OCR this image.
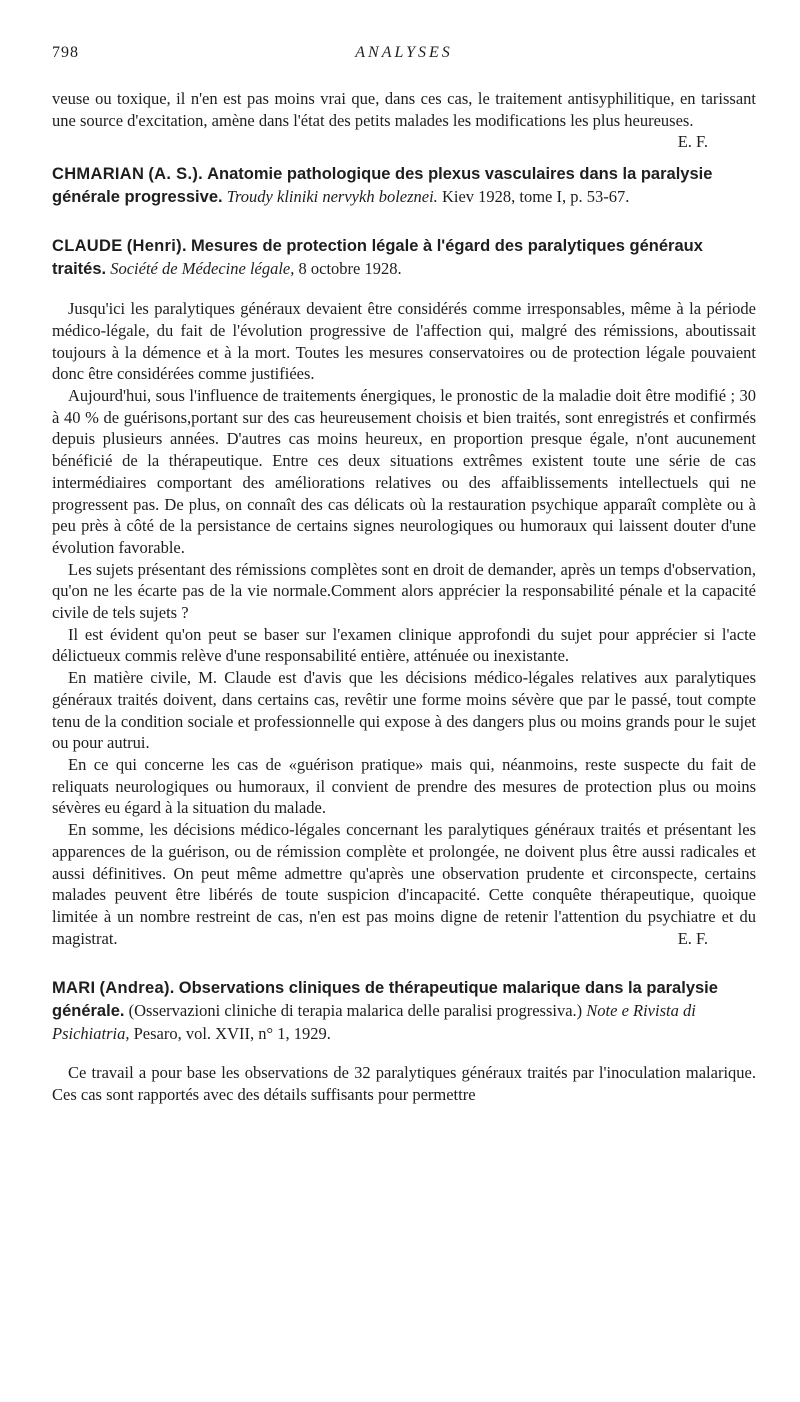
798	ANALYSES

veuse ou toxique, il n'en est pas moins vrai que, dans ces cas, le traitement antisyphilitique, en tarissant une source d'excitation, amène dans l'état des petits malades les modifications les plus heureuses.
E. F.

CHMARIAN (A. S.). Anatomie pathologique des plexus vasculaires dans la paralysie générale progressive. Troudy kliniki nervykh boleznei. Kiev 1928, tome I, p. 53-67.

CLAUDE (Henri). Mesures de protection légale à l'égard des paralytiques généraux traités. Société de Médecine légale, 8 octobre 1928.

Jusqu'ici les paralytiques généraux devaient être considérés comme irresponsables, même à la période médico-légale, du fait de l'évolution progressive de l'affection qui, malgré des rémissions, aboutissait toujours à la démence et à la mort. Toutes les mesures conservatoires ou de protection légale pouvaient donc être considérées comme justifiées.

Aujourd'hui, sous l'influence de traitements énergiques, le pronostic de la maladie doit être modifié ; 30 à 40 % de guérisons,portant sur des cas heureusement choisis et bien traités, sont enregistrés et confirmés depuis plusieurs années. D'autres cas moins heureux, en proportion presque égale, n'ont aucunement bénéficié de la thérapeutique. Entre ces deux situations extrêmes existent toute une série de cas intermédiaires comportant des améliorations relatives ou des affaiblissements intellectuels qui ne progressent pas. De plus, on connaît des cas délicats où la restauration psychique apparaît complète ou à peu près à côté de la persistance de certains signes neurologiques ou humoraux qui laissent douter d'une évolution favorable.

Les sujets présentant des rémissions complètes sont en droit de demander, après un temps d'observation, qu'on ne les écarte pas de la vie normale.Comment alors apprécier la responsabilité pénale et la capacité civile de tels sujets ?

Il est évident qu'on peut se baser sur l'examen clinique approfondi du sujet pour apprécier si l'acte délictueux commis relève d'une responsabilité entière, atténuée ou inexistante.

En matière civile, M. Claude est d'avis que les décisions médico-légales relatives aux paralytiques généraux traités doivent, dans certains cas, revêtir une forme moins sévère que par le passé, tout compte tenu de la condition sociale et professionnelle qui expose à des dangers plus ou moins grands pour le sujet ou pour autrui.

En ce qui concerne les cas de «guérison pratique» mais qui, néanmoins, reste suspecte du fait de reliquats neurologiques ou humoraux, il convient de prendre des mesures de protection plus ou moins sévères eu égard à la situation du malade.

En somme, les décisions médico-légales concernant les paralytiques généraux traités et présentant les apparences de la guérison, ou de rémission complète et prolongée, ne doivent plus être aussi radicales et aussi définitives. On peut même admettre qu'après une observation prudente et circonspecte, certains malades peuvent être libérés de toute suspicion d'incapacité. Cette conquête thérapeutique, quoique limitée à un nombre restreint de cas, n'en est pas moins digne de retenir l'attention du psychiatre et du magistrat.	E. F.

MARI (Andrea). Observations cliniques de thérapeutique malarique dans la paralysie générale. (Osservazioni cliniche di terapia malarica delle paralisi progressiva.) Note e Rivista di Psichiatria, Pesaro, vol. XVII, n° 1, 1929.

Ce travail a pour base les observations de 32 paralytiques généraux traités par l'inoculation malarique. Ces cas sont rapportés avec des détails suffisants pour permettre
